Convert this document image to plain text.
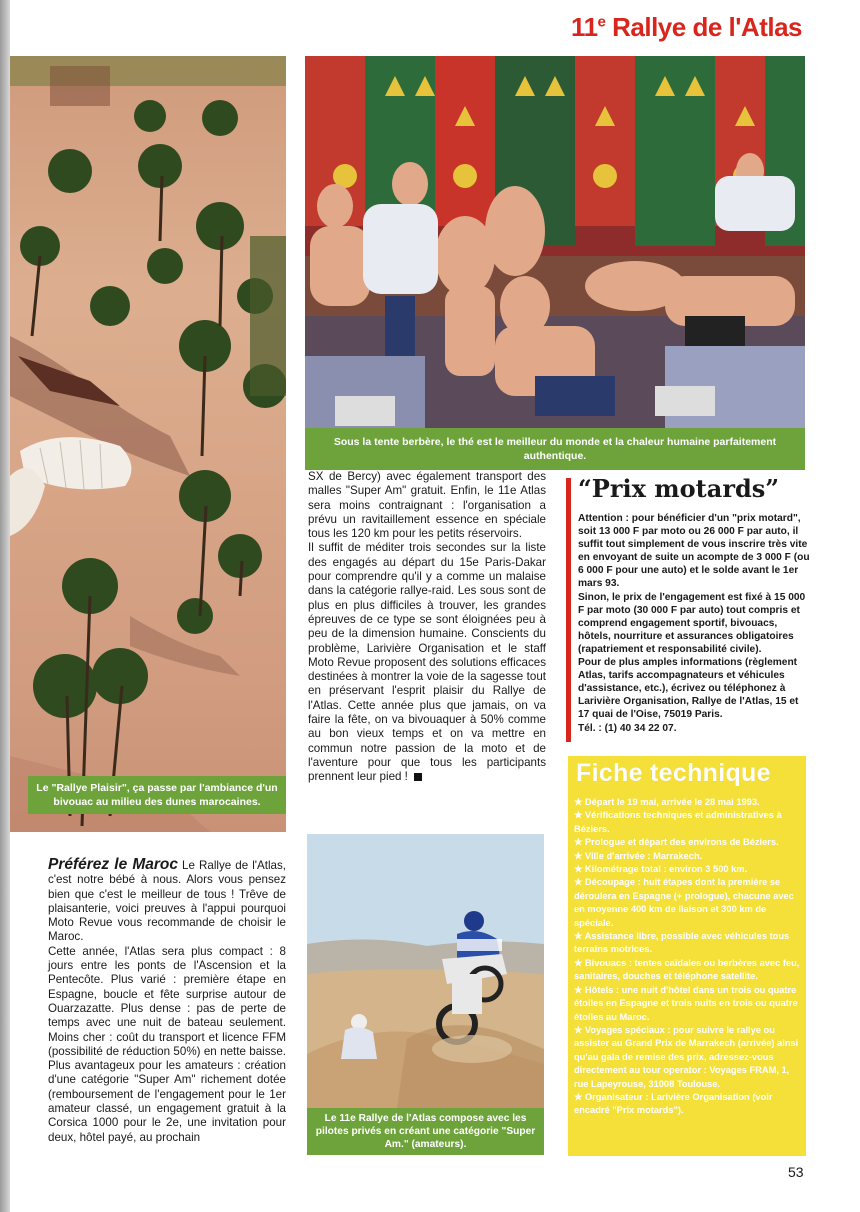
11e Rallye de l'Atlas
Le "Rallye Plaisir", ça passe par l'ambiance d'un bivouac au milieu des dunes marocaines.
Sous la tente berbère, le thé est le meilleur du monde et la chaleur humaine parfaitement authentique.

SX de Bercy) avec également transport des malles "Super Am" gratuit. Enfin, le 11e Atlas sera moins contraignant : l'organisation a prévu un ravitaillement essence en spéciale tous les 120 km pour les petits réservoirs.

Il suffit de méditer trois secondes sur la liste des engagés au départ du 15e Paris-Dakar pour comprendre qu'il y a comme un malaise dans la catégorie rallye-raid. Les sous sont de plus en plus difficiles à trouver, les grandes épreuves de ce type se sont éloignées peu à peu de la dimension humaine. Conscients du problème, Larivière Organisation et le staff Moto Revue proposent des solutions efficaces destinées à montrer la voie de la sagesse tout en préservant l'esprit plaisir du Rallye de l'Atlas. Cette année plus que jamais, on va faire la fête, on va bivouaquer à 50% comme au bon vieux temps et on va mettre en commun notre passion de la moto et de l'aventure pour que tous les participants prennent leur pied !

“Prix motards”

Attention : pour bénéficier d'un "prix motard", soit 13 000 F par moto ou 26 000 F par auto, il suffit tout simplement de vous inscrire très vite en envoyant de suite un acompte de 3 000 F (ou 6 000 F pour une auto) et le solde avant le 1er mars 93.

Sinon, le prix de l'engagement est fixé à 15 000 F par moto (30 000 F par auto) tout compris et comprend engagement sportif, bivouacs, hôtels, nourriture et assurances obligatoires (rapatriement et responsabilité civile).

Pour de plus amples informations (règlement Atlas, tarifs accompagnateurs et véhicules d'assistance, etc.), écrivez ou téléphonez à Larivière Organisation, Rallye de l'Atlas, 15 et 17 quai de l'Oise, 75019 Paris.

Tél. : (1) 40 34 22 07.

Fiche technique
★ Départ le 19 mai, arrivée le 28 mai 1993.
★ Vérifications techniques et administratives à Béziers.
★ Prologue et départ des environs de Béziers.
★ Ville d'arrivée : Marrakech.
★ Kilométrage total : environ 3 500 km.
★ Découpage : huit étapes dont la première se déroulera en Espagne (+ prologue), chacune avec en moyenne 400 km de liaison et 300 km de spéciale.
★ Assistance libre, possible avec véhicules tous terrains motrices.
★ Bivouacs : tentes caïdales ou berbères avec feu, sanitaires, douches et téléphone satellite.
★ Hôtels : une nuit d'hôtel dans un trois ou quatre étoiles en Espagne et trois nuits en trois ou quatre étoiles au Maroc.
★ Voyages spéciaux : pour suivre le rallye ou assister au Grand Prix de Marrakech (arrivée) ainsi qu'au gala de remise des prix, adressez-vous directement au tour operator : Voyages FRAM, 1, rue Lapeyrouse, 31008 Toulouse.
★ Organisateur : Larivière Organisation (voir encadré "Prix motards").

Préférez le Maroc Le Rallye de l'Atlas, c'est notre bébé à nous. Alors vous pensez bien que c'est le meilleur de tous ! Trêve de plaisanterie, voici preuves à l'appui pourquoi Moto Revue vous recommande de choisir le Maroc.

Cette année, l'Atlas sera plus compact : 8 jours entre les ponts de l'Ascension et la Pentecôte. Plus varié : première étape en Espagne, boucle et fête surprise autour de Ouarzazatte. Plus dense : pas de perte de temps avec une nuit de bateau seulement. Moins cher : coût du transport et licence FFM (possibilité de réduction 50%) en nette baisse. Plus avantageux pour les amateurs : création d'une catégorie "Super Am" richement dotée (remboursement de l'engagement pour le 1er amateur classé, un engagement gratuit à la Corsica 1000 pour le 2e, une invitation pour deux, hôtel payé, au prochain

Le 11e Rallye de l'Atlas compose avec les pilotes privés en créant une catégorie "Super Am." (amateurs).
53
